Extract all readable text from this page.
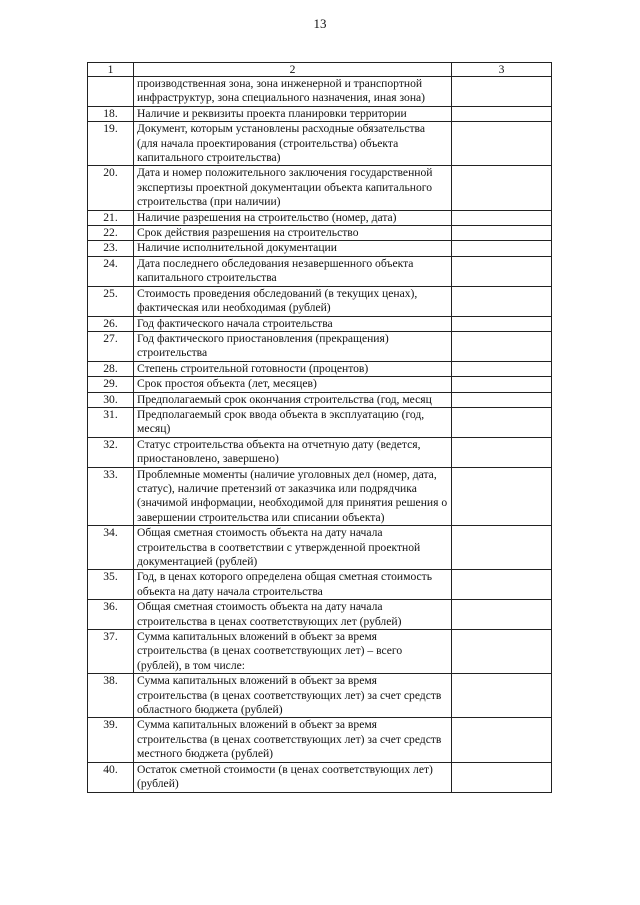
13
1	2	3
	производственная зона, зона инженерной и транспортной инфраструктур, зона специального назначения, иная зона)	
18.	Наличие и реквизиты проекта планировки территории	
19.	Документ, которым установлены расходные обязательства (для начала проектирования (строительства) объекта капитального строительства)	
20.	Дата и номер положительного заключения государственной экспертизы проектной документации объекта капитального строительства (при наличии)	
21.	Наличие разрешения на строительство (номер, дата)	
22.	Срок действия разрешения на строительство	
23.	Наличие исполнительной документации	
24.	Дата последнего обследования незавершенного объекта капитального строительства	
25.	Стоимость проведения обследований (в текущих ценах), фактическая или необходимая (рублей)	
26.	Год фактического начала строительства	
27.	Год фактического приостановления (прекращения) строительства	
28.	Степень строительной готовности (процентов)	
29.	Срок простоя объекта (лет, месяцев)	
30.	Предполагаемый срок окончания строительства (год, месяц	
31.	Предполагаемый срок ввода объекта в эксплуатацию (год, месяц)	
32.	Статус строительства объекта на отчетную дату (ведется, приостановлено, завершено)	
33.	Проблемные моменты (наличие уголовных дел (номер, дата, статус), наличие претензий от заказчика или подрядчика (значимой информации, необходимой для принятия решения о завершении строительства или списании объекта)	
34.	Общая сметная стоимость объекта на дату начала строительства в соответствии с утвержденной проектной документацией (рублей)	
35.	Год, в ценах которого определена общая сметная стоимость объекта на дату начала строительства	
36.	Общая сметная стоимость объекта на дату начала строительства в ценах соответствующих лет (рублей)	
37.	Сумма капитальных вложений в объект за время строительства (в ценах соответствующих лет) – всего (рублей), в том числе:	
38.	Сумма капитальных вложений в объект за время строительства (в ценах соответствующих лет) за счет средств областного бюджета (рублей)	
39.	Сумма капитальных вложений в объект за время строительства (в ценах соответствующих лет) за счет средств местного бюджета (рублей)	
40.	Остаток сметной стоимости (в ценах соответствующих лет) (рублей)	
